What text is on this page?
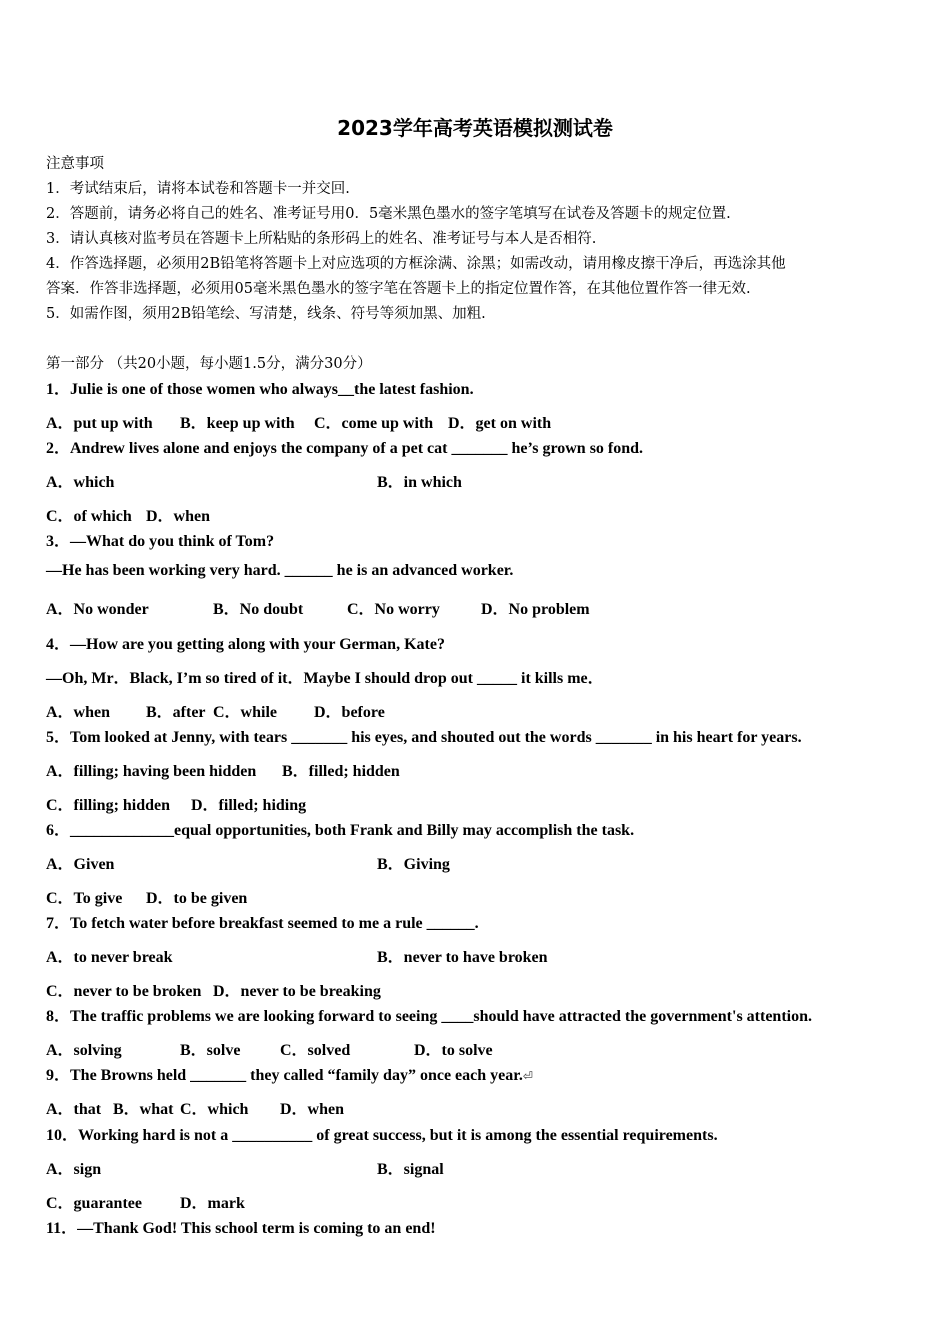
2023学年高考英语模拟测试卷
注意事项
1．考试结束后，请将本试卷和答题卡一并交回.
2．答题前，请务必将自己的姓名、准考证号用0．5毫米黑色墨水的签字笔填写在试卷及答题卡的规定位置.
3．请认真核对监考员在答题卡上所粘贴的条形码上的姓名、准考证号与本人是否相符.
4．作答选择题，必须用2B铅笔将答题卡上对应选项的方框涂满、涂黑；如需改动，请用橡皮擦干净后，再选涂其他
答案．作答非选择题，必须用05毫米黑色墨水的签字笔在答题卡上的指定位置作答，在其他位置作答一律无效.
5．如需作图，须用2B铅笔绘、写清楚，线条、符号等须加黑、加粗.
第一部分 （共20小题，每小题1.5分，满分30分）
1．Julie is one of those women who always__the latest fashion.
A．put up with B．keep up with C．come up with D．get on with
2．Andrew lives alone and enjoys the company of a pet cat _______ he’s grown so fond.
A．which	B．in which
C．of which D．when
3．—What do you think of Tom?
—He has been working very hard. ______ he is an advanced worker.
A．No wonder	B．No doubt	C．No worry	D．No problem
4．—How are you getting along with your German, Kate?
—Oh, Mr．Black, I’m so tired of it．Maybe I should drop out _____ it kills me．
A．when B．after C．while D．before
5．Tom looked at Jenny, with tears _______ his eyes, and shouted out the words _______ in his heart for years.
A．filling; having been hidden B．filled; hidden
C．filling; hidden D．filled; hiding
6．_____________equal opportunities, both Frank and Billy may accomplish the task.
A．Given	B．Giving
C．To give D．to be given
7．To fetch water before breakfast seemed to me a rule ______.
A．to never break	B．never to have broken
C．never to be broken D．never to be breaking
8．The traffic problems we are looking forward to seeing ____should have attracted the government's attention.
A．solving	B．solve C．solved	D．to solve
9．The Browns held _______ they called “family day” once each year.⏎
A．that B．what C．which D．when
10．Working hard is not a __________ of great success, but it is among the essential requirements.
A．sign	B．signal
C．guarantee D．mark
11．—Thank God! This school term is coming to an end!
